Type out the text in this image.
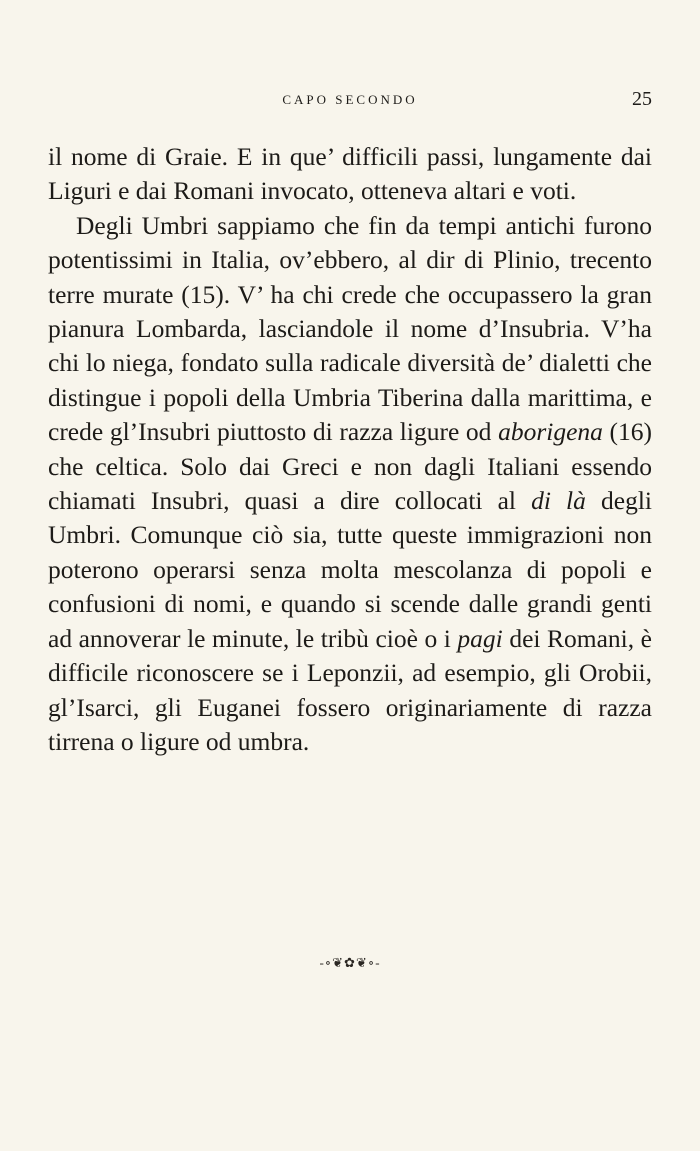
CAPO SECONDO	25

il nome di Graie. E in que’ difficili passi, lungamente dai Liguri e dai Romani invocato, otteneva altari e voti.

Degli Umbri sappiamo che fin da tempi antichi furono potentissimi in Italia, ov’ebbero, al dir di Plinio, trecento terre murate (15). V’ ha chi crede che occupassero la gran pianura Lombarda, lasciandole il nome d’Insubria. V’ha chi lo niega, fondato sulla radicale diversità de’ dialetti che distingue i popoli della Umbria Tiberina dalla marittima, e crede gl’Insubri piuttosto di razza ligure od aborigena (16) che celtica. Solo dai Greci e non dagli Italiani essendo chiamati Insubri, quasi a dire collocati al di là degli Umbri. Comunque ciò sia, tutte queste immigrazioni non poterono operarsi senza molta mescolanza di popoli e confusioni di nomi, e quando si scende dalle grandi genti ad annoverar le minute, le tribù cioè o i pagi dei Romani, è difficile riconoscere se i Leponzii, ad esempio, gli Orobii, gl’Isarci, gli Euganei fossero originariamente di razza tirrena o ligure od umbra.

-∘❦✿❦∘-
